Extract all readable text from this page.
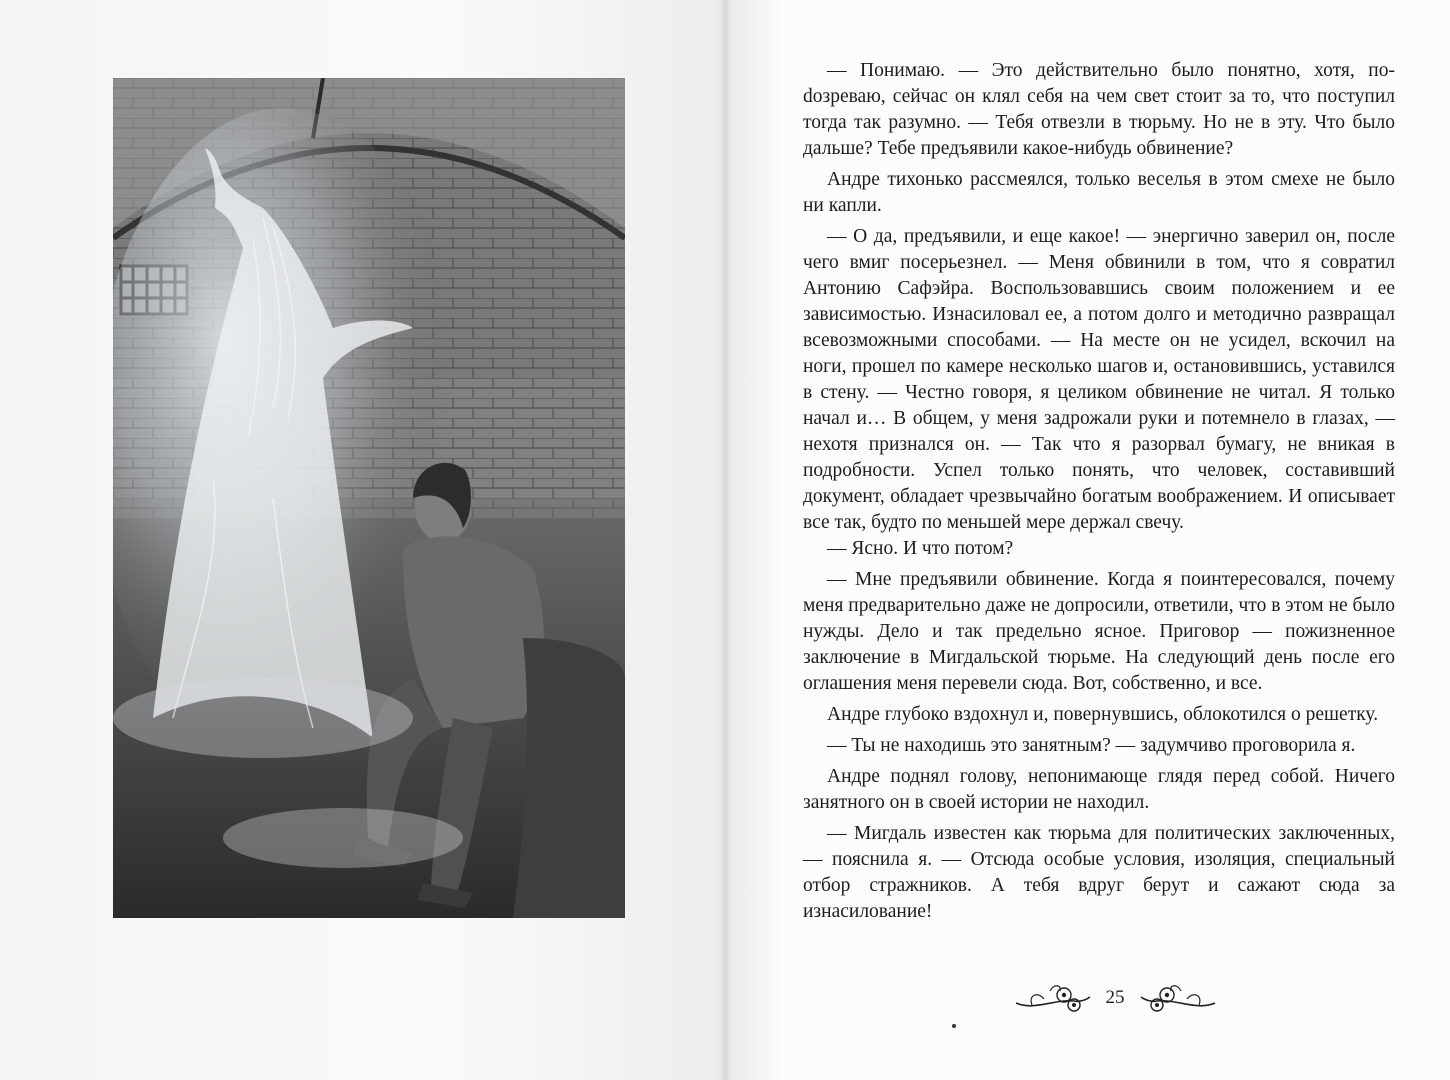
— Понимаю. — Это действительно было понятно, хотя, поdозреваю, сейчас он клял себя на чем свет стоит за то, что поступил тогда так разумно. — Тебя отвезли в тюрьму. Но не в эту. Что было дальше? Тебе предъявили какое-нибудь обвинение?

Андре тихонько рассмеялся, только веселья в этом смехе не было ни капли.

— О да, предъявили, и еще какое! — энергично заверил он, после чего вмиг посерьезнел. — Меня обвинили в том, что я совратил Антонию Сафэйра. Воспользовавшись своим положением и ее зависимостью. Изнасиловал ее, а потом долго и методично развращал всевозможными способами. — На месте он не усидел, вскочил на ноги, прошел по камере несколько шагов и, остановившись, уставился в стену. — Честно говоря, я целиком обвинение не читал. Я только начал и… В общем, у меня задрожали руки и потемнело в глазах, — нехотя признался он. — Так что я разорвал бумагу, не вникая в подробности. Успел только понять, что человек, составивший документ, обладает чрезвычайно богатым воображением. И описывает все так, будто по меньшей мере держал свечу.

— Ясно. И что потом?

— Мне предъявили обвинение. Когда я поинтересовался, почему меня предварительно даже не допросили, ответили, что в этом не было нужды. Дело и так предельно ясное. Приговор — пожизненное заключение в Мигдальской тюрьме. На следующий день после его оглашения меня перевели сюда. Вот, собственно, и все.

Андре глубоко вздохнул и, повернувшись, облокотился о решетку.

— Ты не находишь это занятным? — задумчиво проговорила я.

Андре поднял голову, непонимающе глядя перед собой. Ничего занятного он в своей истории не находил.

— Мигдаль известен как тюрьма для политических заключенных, — пояснила я. — Отсюда особые условия, изоляция, специальный отбор стражников. А тебя вдруг берут и сажают сюда за изнасилование!

25
